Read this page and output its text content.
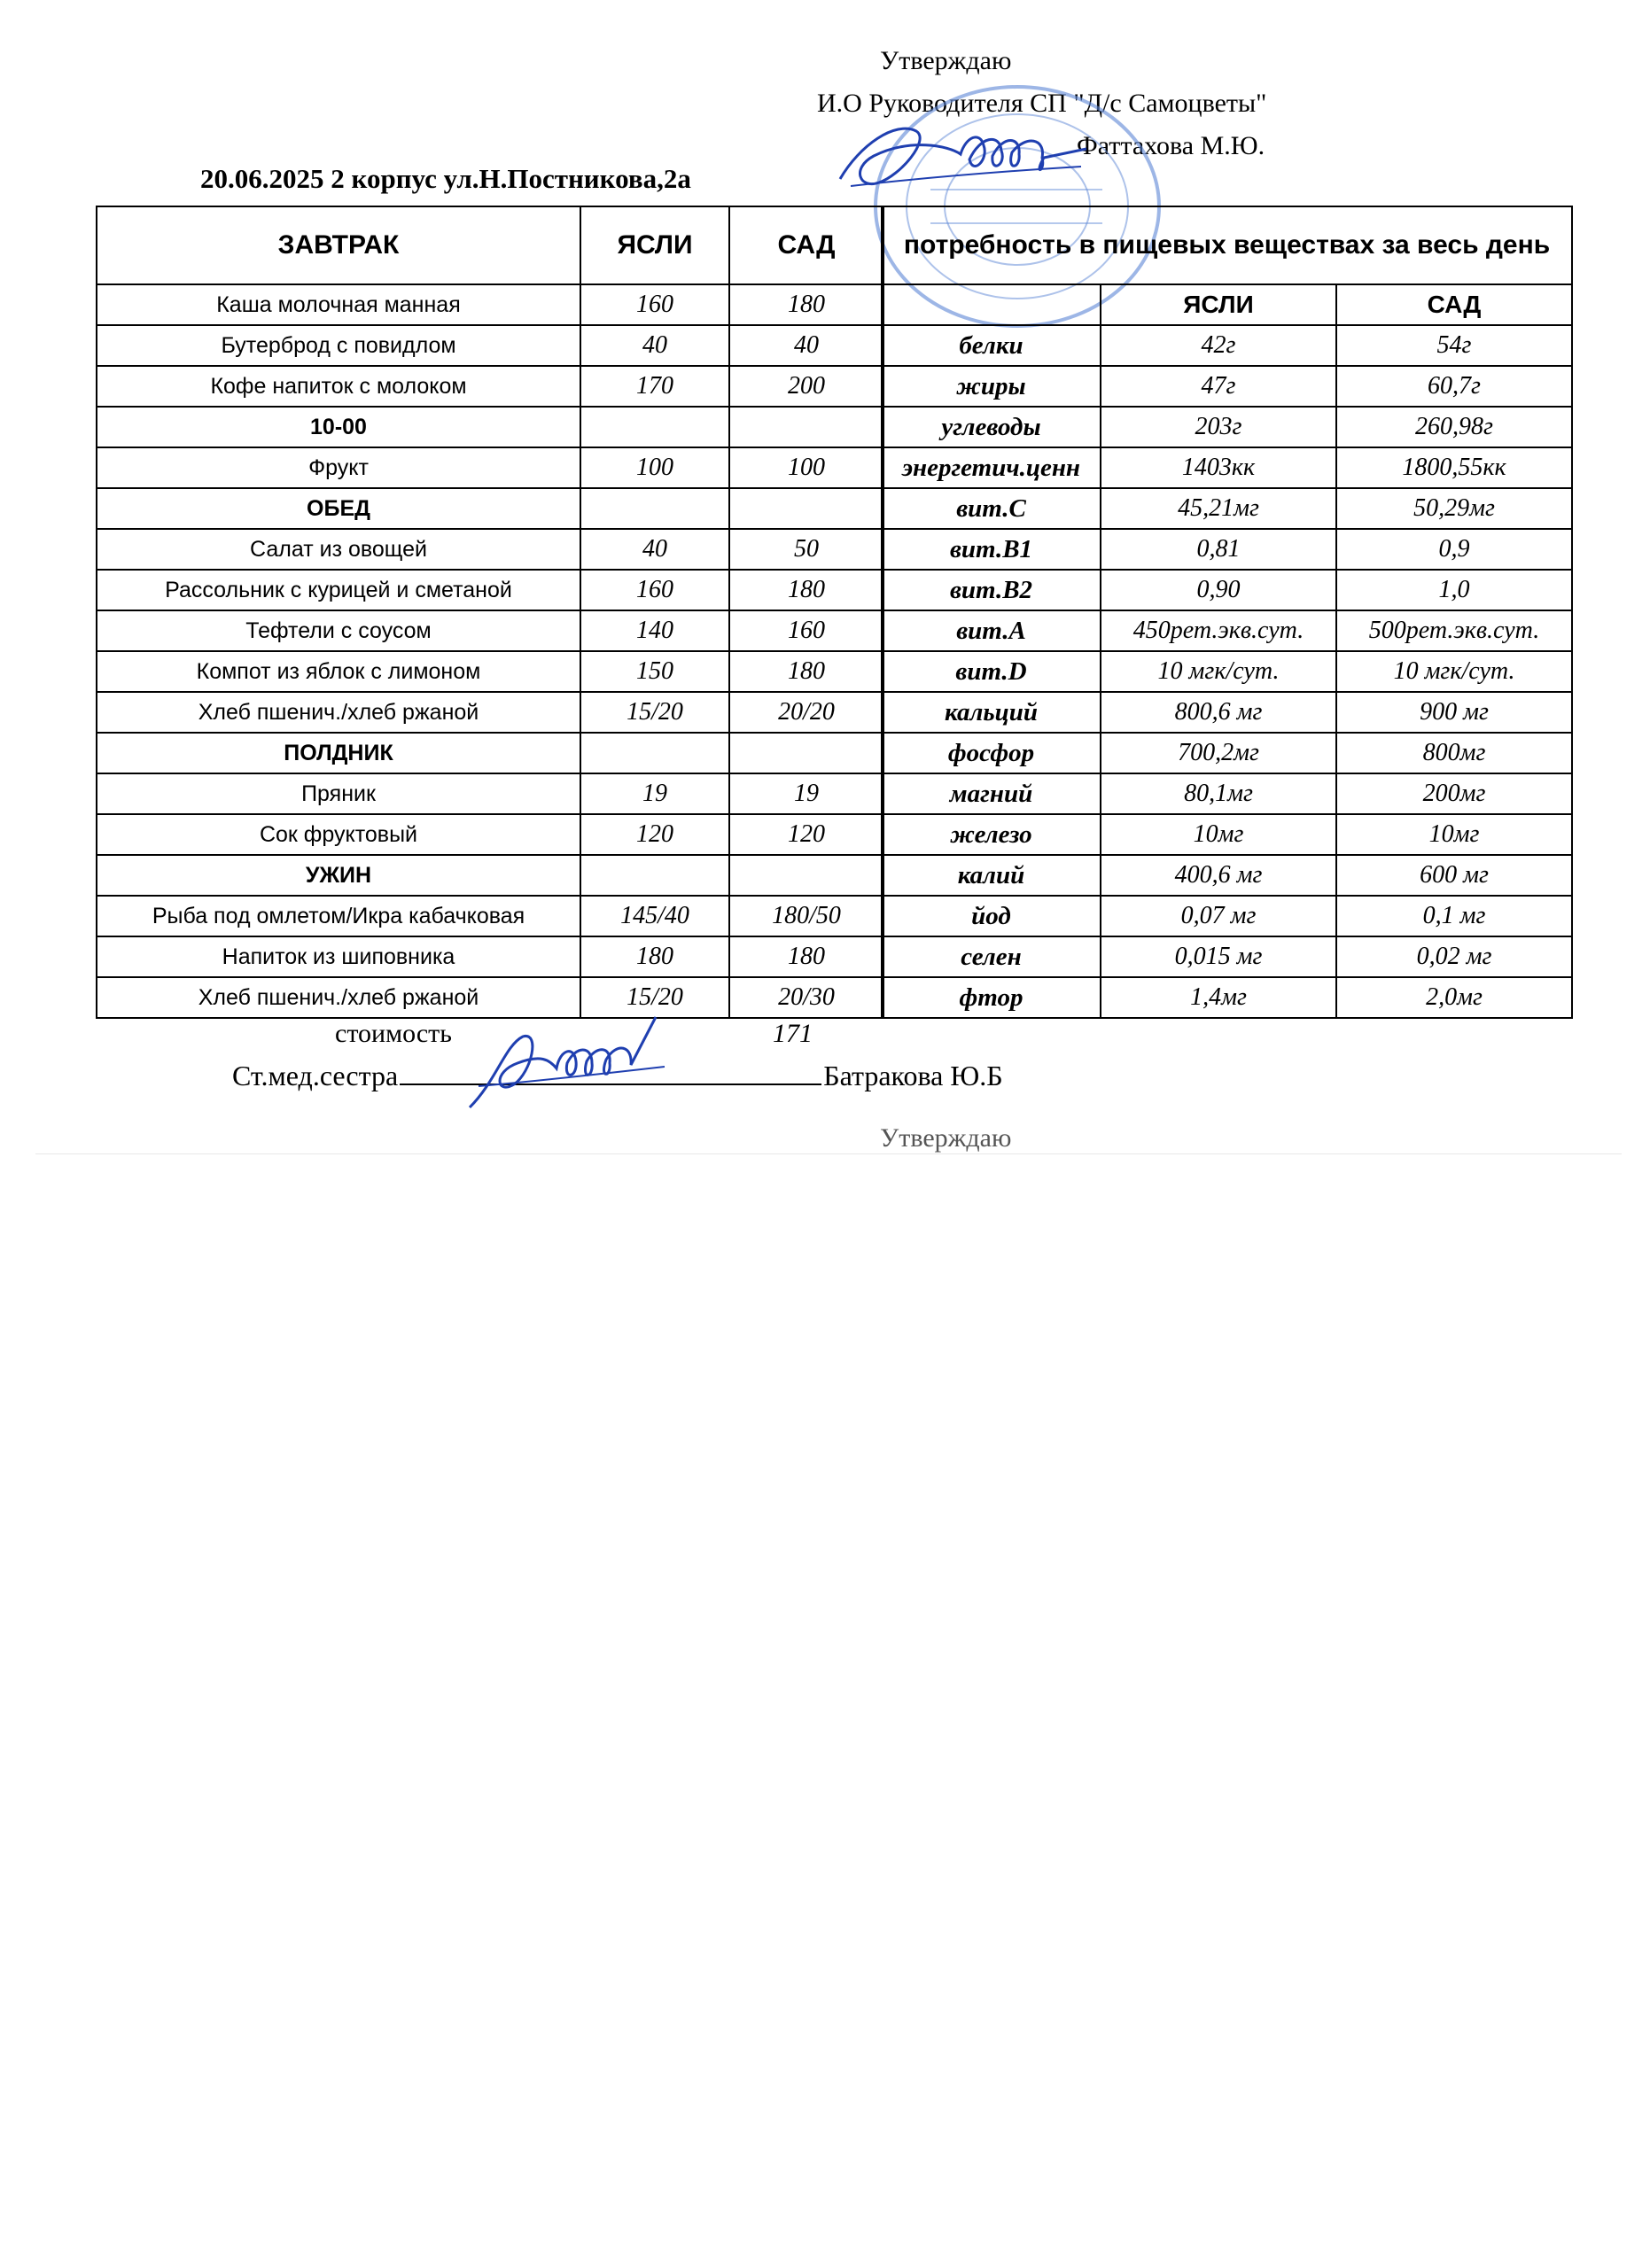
Утверждаю
И.О Руководителя СП "Д/с Самоцветы"
Фаттахова М.Ю.
20.06.2025 2 корпус ул.Н.Постникова,2а
ЗАВТРАК	ЯСЛИ	САД
Каша молочная манная	160	180
Бутерброд с повидлом	40	40
Кофе напиток с молоком	170	200
10-00		
Фрукт	100	100
ОБЕД		
Салат из овощей	40	50
Рассольник с курицей и сметаной	160	180
Тефтели с соусом	140	160
Компот из яблок с лимоном	150	180
Хлеб пшенич./хлеб ржаной	15/20	20/20
ПОЛДНИК		
Пряник	19	19
Сок фруктовый	120	120
УЖИН		
Рыба под омлетом/Икра кабачковая	145/40	180/50
Напиток из шиповника	180	180
Хлеб пшенич./хлеб ржаной	15/20	20/30
потребность в пищевых веществах за весь день		
	ЯСЛИ	САД
белки	42г	54г
жиры	47г	60,7г
углеводы	203г	260,98г
энергетич.ценн	1403кк	1800,55кк
вит.С	45,21мг	50,29мг
вит.В1	0,81	0,9
вит.В2	0,90	1,0
вит.А	450рет.экв.сут.	500рет.экв.сут.
вит.D	10 мгк/сут.	10 мгк/сут.
кальций	800,6 мг	900 мг
фосфор	700,2мг	800мг
магний	80,1мг	200мг
железо	10мг	10мг
калий	400,6 мг	600 мг
йод	0,07 мг	0,1 мг
селен	0,015 мг	0,02 мг
фтор	1,4мг	2,0мг
стоимость	171
Ст.мед.сестра	Батракова Ю.Б
Утверждаю
